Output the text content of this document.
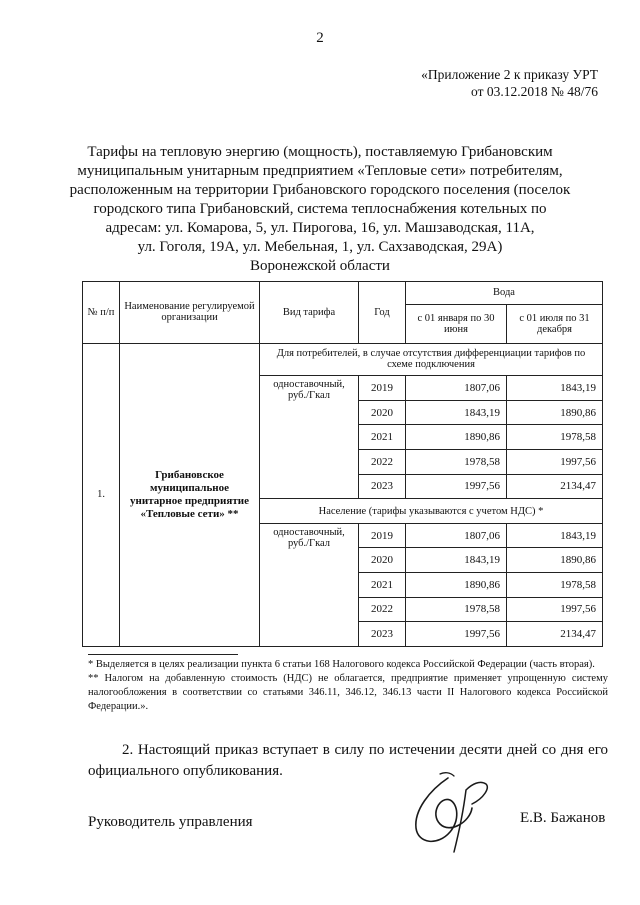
2
«Приложение 2 к приказу УРТ
от 03.12.2018 № 48/76
Тарифы на тепловую энергию (мощность), поставляемую Грибановским
муниципальным унитарным предприятием «Тепловые сети» потребителям,
расположенным на территории Грибановского городского поселения (поселок
городского типа Грибановский, система теплоснабжения котельных по
адресам: ул. Комарова, 5, ул. Пирогова, 16, ул. Машзаводская, 11А,
ул. Гоголя, 19А, ул. Мебельная, 1, ул. Сахзаводская, 29А)
Воронежской области
№ п/п	Наименование регулируемой организации	Вид тарифа	Год	Вода	
				с 01 января по 30 июня	с 01 июля по 31 декабря
1.	Грибановское муниципальное унитарное предприятие «Тепловые сети» **	Для потребителей, в случае отсутствия дифференциации тарифов по схеме подключения			
		одноставочный, руб./Гкал	2019	1807,06	1843,19
			2020	1843,19	1890,86
			2021	1890,86	1978,58
			2022	1978,58	1997,56
			2023	1997,56	2134,47
		Население (тарифы указываются с учетом НДС) *			
		одноставочный, руб./Гкал	2019	1807,06	1843,19
			2020	1843,19	1890,86
			2021	1890,86	1978,58
			2022	1978,58	1997,56
			2023	1997,56	2134,47

* Выделяется в целях реализации пункта 6 статьи 168 Налогового кодекса Российской Федерации (часть вторая).

** Налогом на добавленную стоимость (НДС) не облагается, предприятие применяет упрощенную систему налогообложения в соответствии со статьями 346.11, 346.12, 346.13 части II Налогового кодекса Российской Федерации.».

2. Настоящий приказ вступает в силу по истечении десяти дней со дня его официального опубликования.
Руководитель управления	Е.В. Бажанов
